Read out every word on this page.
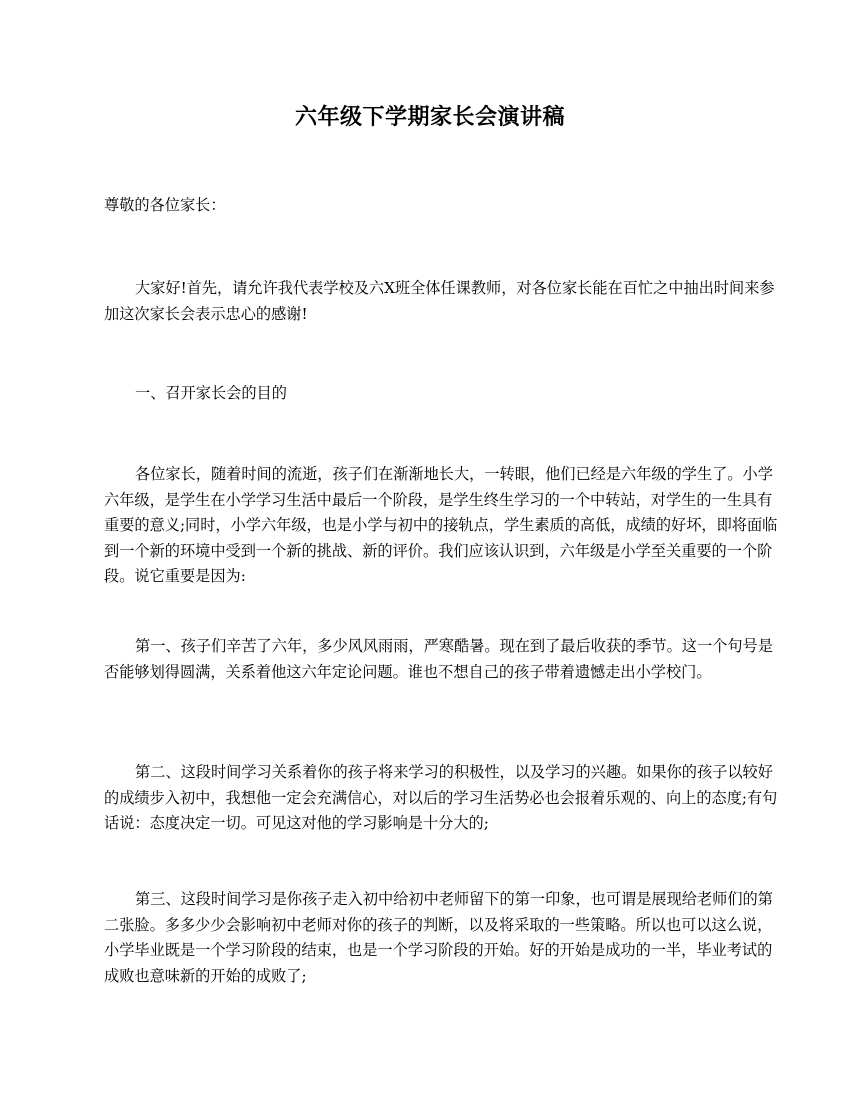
六年级下学期家长会演讲稿

尊敬的各位家长：

大家好!首先，请允许我代表学校及六X班全体任课教师，对各位家长能在百忙之中抽出时间来参加这次家长会表示忠心的感谢!

一、召开家长会的目的

各位家长，随着时间的流逝，孩子们在渐渐地长大，一转眼，他们已经是六年级的学生了。小学六年级，是学生在小学学习生活中最后一个阶段，是学生终生学习的一个中转站，对学生的一生具有重要的意义;同时，小学六年级，也是小学与初中的接轨点，学生素质的高低，成绩的好坏，即将面临到一个新的环境中受到一个新的挑战、新的评价。我们应该认识到，六年级是小学至关重要的一个阶段。说它重要是因为:

第一、孩子们辛苦了六年，多少风风雨雨，严寒酷暑。现在到了最后收获的季节。这一个句号是否能够划得圆满，关系着他这六年定论问题。谁也不想自己的孩子带着遗憾走出小学校门。

第二、这段时间学习关系着你的孩子将来学习的积极性，以及学习的兴趣。如果你的孩子以较好的成绩步入初中，我想他一定会充满信心，对以后的学习生活势必也会报着乐观的、向上的态度;有句话说：态度决定一切。可见这对他的学习影响是十分大的;

第三、这段时间学习是你孩子走入初中给初中老师留下的第一印象，也可谓是展现给老师们的第二张脸。多多少少会影响初中老师对你的孩子的判断，以及将采取的一些策略。所以也可以这么说，小学毕业既是一个学习阶段的结束，也是一个学习阶段的开始。好的开始是成功的一半，毕业考试的成败也意味新的开始的成败了;
